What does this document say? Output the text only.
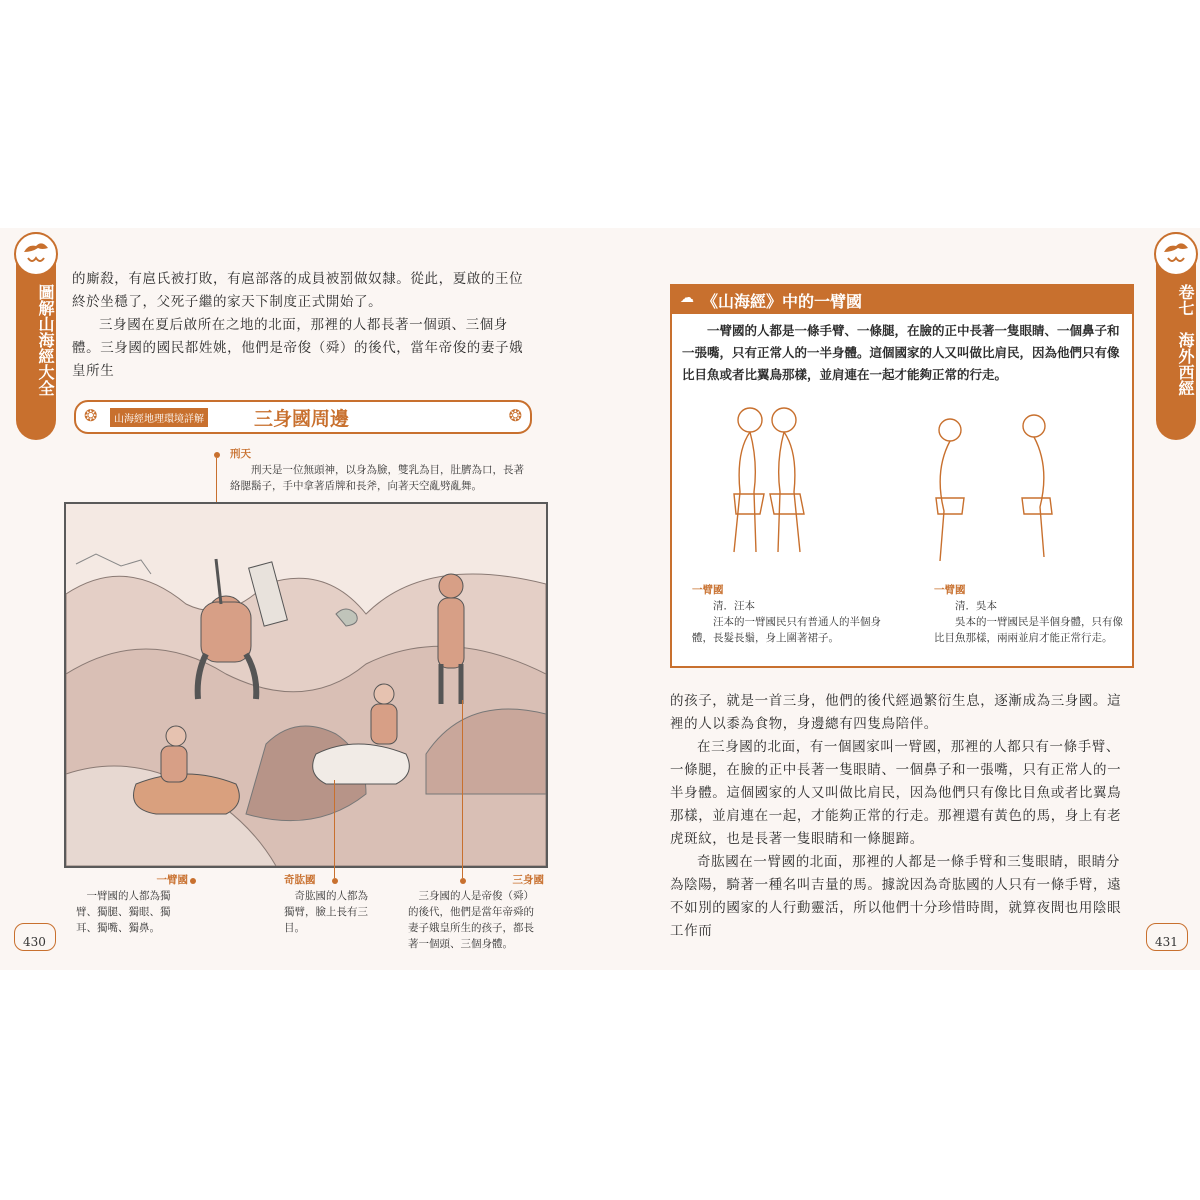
圖解山海經大全

的廝殺，有扈氏被打敗，有扈部落的成員被罰做奴隸。從此，夏啟的王位終於坐穩了，父死子繼的家天下制度正式開始了。

三身國在夏后啟所在之地的北面，那裡的人都長著一個頭、三個身體。三身國的國民都姓姚，他們是帝俊（舜）的後代，當年帝俊的妻子娥皇所生

❂	山海經地理環境詳解	三身國周邊	❂
刑天
刑天是一位無頭神，以身為臉，雙乳為目，肚臍為口，長著絡腮鬍子，手中拿著盾牌和長斧，向著天空亂劈亂舞。
一臂國
一臂國的人都為獨臂、獨腿、獨眼、獨耳、獨嘴、獨鼻。
奇肱國
奇肱國的人都為獨臂，臉上長有三目。
三身國
三身國的人是帝俊（舜）的後代，他們是當年帝舜的妻子娥皇所生的孩子，都長著一個頭、三個身體。
430
卷七　海外西經
☁ 《山海經》中的一臂國
一臂國的人都是一條手臂、一條腿，在臉的正中長著一隻眼睛、一個鼻子和一張嘴，只有正常人的一半身體。這個國家的人又叫做比肩民，因為他們只有像比目魚或者比翼鳥那樣，並肩連在一起才能夠正常的行走。
一臂國
清．汪本
汪本的一臂國民只有普通人的半個身體，長髮長鬚，身上圍著裙子。
一臂國
清．吳本
吳本的一臂國民是半個身體，只有像比目魚那樣，兩兩並肩才能正常行走。

的孩子，就是一首三身，他們的後代經過繁衍生息，逐漸成為三身國。這裡的人以黍為食物，身邊總有四隻鳥陪伴。

在三身國的北面，有一個國家叫一臂國，那裡的人都只有一條手臂、一條腿，在臉的正中長著一隻眼睛、一個鼻子和一張嘴，只有正常人的一半身體。這個國家的人又叫做比肩民，因為他們只有像比目魚或者比翼鳥那樣，並肩連在一起，才能夠正常的行走。那裡還有黃色的馬，身上有老虎斑紋，也是長著一隻眼睛和一條腿蹄。

奇肱國在一臂國的北面，那裡的人都是一條手臂和三隻眼睛，眼睛分為陰陽，騎著一種名叫吉量的馬。據說因為奇肱國的人只有一條手臂，遠不如別的國家的人行動靈活，所以他們十分珍惜時間，就算夜間也用陰眼工作而

431
